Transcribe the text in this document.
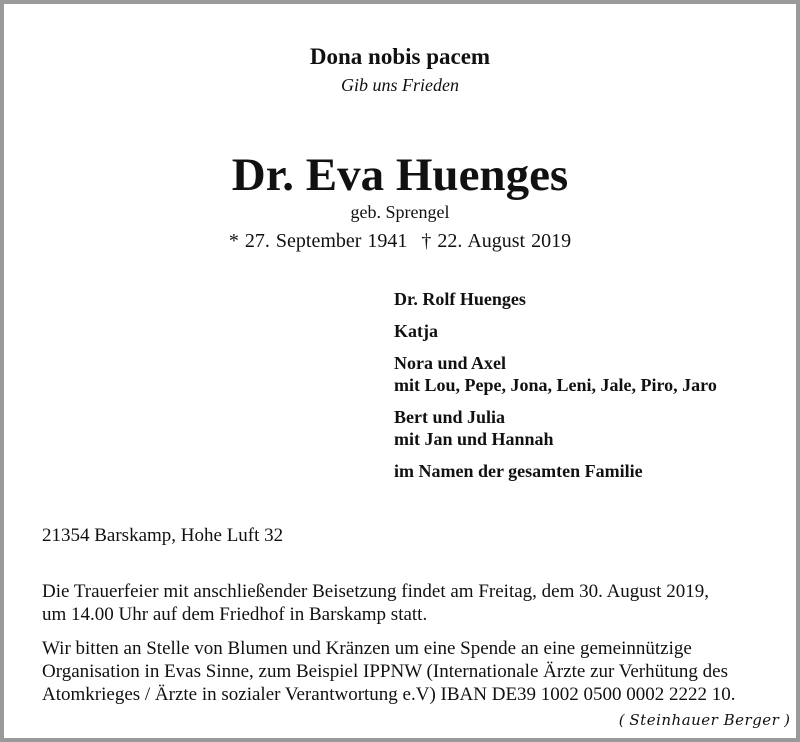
Dona nobis pacem
Gib uns Frieden
Dr. Eva Huenges
geb. Sprengel
* 27. September 1941 † 22. August 2019
Dr. Rolf Huenges
Katja
Nora und Axel
mit Lou, Pepe, Jona, Leni, Jale, Piro, Jaro
Bert und Julia
mit Jan und Hannah
im Namen der gesamten Familie
21354 Barskamp, Hohe Luft 32
Die Trauerfeier mit anschließender Beisetzung findet am Freitag, dem 30. August 2019,
um 14.00 Uhr auf dem Friedhof in Barskamp statt.
Wir bitten an Stelle von Blumen und Kränzen um eine Spende an eine gemeinnützige
Organisation in Evas Sinne, zum Beispiel IPPNW (Internationale Ärzte zur Verhütung des
Atomkrieges / Ärzte in sozialer Verantwortung e.V) IBAN DE39 1002 0500 0002 2222 10.
( Steinhauer Berger )
